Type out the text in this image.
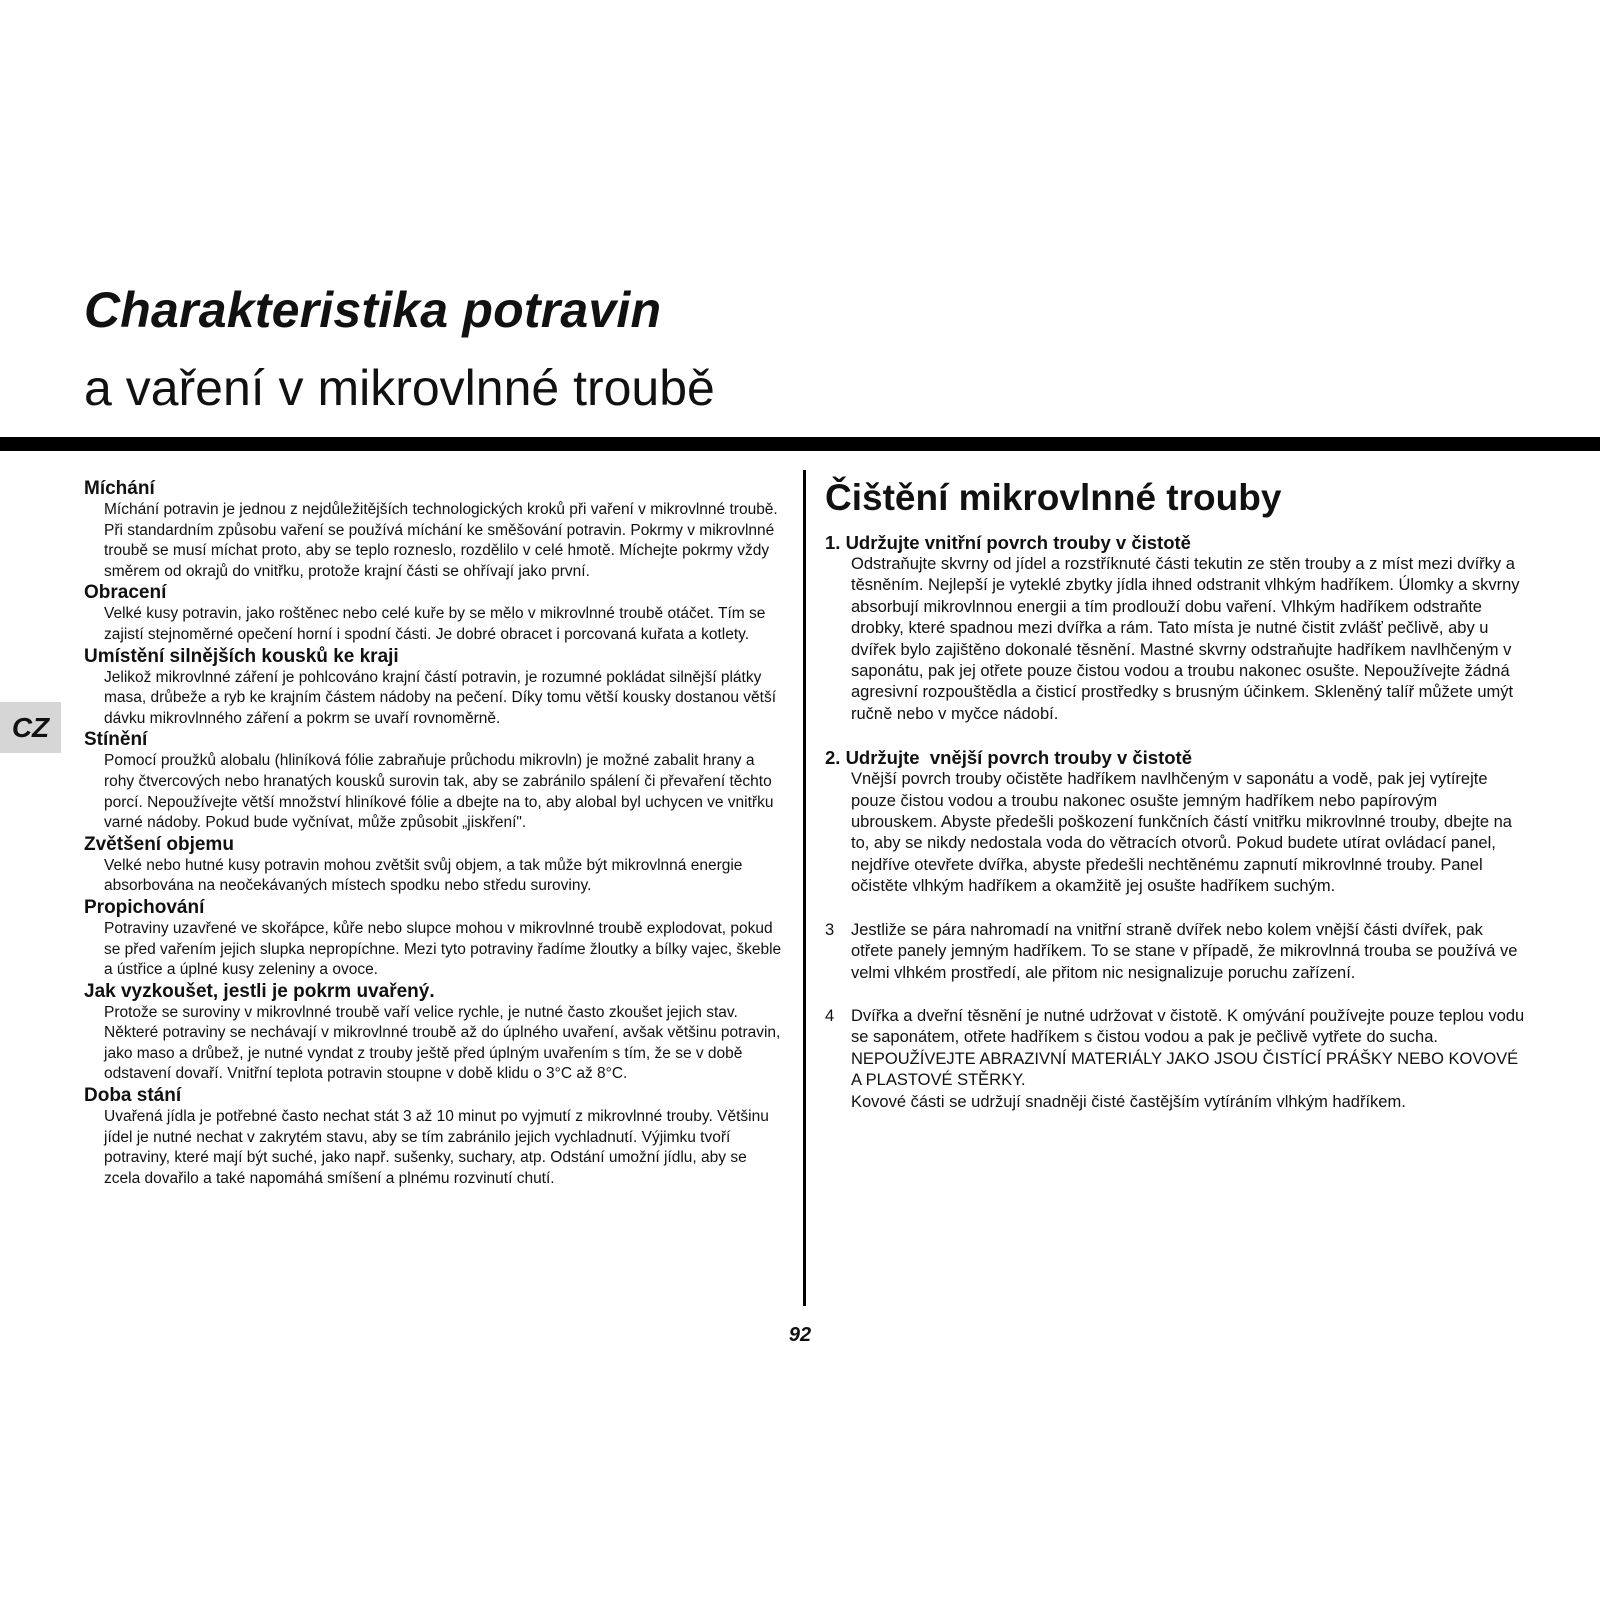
Charakteristika potravin
a vaření v mikrovlnné troubě
CZ
Míchání

Míchání potravin je jednou z nejdůležitějších technologických kroků při vaření v mikrovlnné troubě. Při standardním způsobu vaření se používá míchání ke směšování potravin. Pokrmy v mikrovlnné troubě se musí míchat proto, aby se teplo rozneslo, rozdělilo v celé hmotě. Míchejte pokrmy vždy směrem od okrajů do vnitřku, protože krajní části se ohřívají jako první.

Obracení

Velké kusy potravin, jako roštěnec nebo celé kuře by se mělo v mikrovlnné troubě otáčet. Tím se zajistí stejnoměrné opečení horní i spodní části. Je dobré obracet i porcovaná kuřata a kotlety.

Umístění silnějších kousků ke kraji

Jelikož mikrovlnné záření je pohlcováno krajní částí potravin, je rozumné pokládat silnější plátky masa, drůbeže a ryb ke krajním částem nádoby na pečení. Díky tomu větší kousky dostanou větší dávku mikrovlnného záření a pokrm se uvaří rovnoměrně.

Stínění

Pomocí proužků alobalu (hliníková fólie zabraňuje průchodu mikrovln) je možné zabalit hrany a rohy čtvercových nebo hranatých kousků surovin tak, aby se zabránilo spálení či převaření těchto porcí. Nepoužívejte větší množství hliníkové fólie a dbejte na to, aby alobal byl uchycen ve vnitřku varné nádoby. Pokud bude vyčnívat, může způsobit „jiskření".

Zvětšení objemu

Velké nebo hutné kusy potravin mohou zvětšit svůj objem, a tak může být mikrovlnná energie absorbována na neočekávaných místech spodku nebo středu suroviny.

Propichování

Potraviny uzavřené ve skořápce, kůře nebo slupce mohou v mikrovlnné troubě explodovat, pokud se před vařením jejich slupka nepropíchne. Mezi tyto potraviny řadíme žloutky a bílky vajec, škeble a ústřice a úplné kusy zeleniny a ovoce.

Jak vyzkoušet, jestli je pokrm uvařený.

Protože se suroviny v mikrovlnné troubě vaří velice rychle, je nutné často zkoušet jejich stav. Některé potraviny se nechávají v mikrovlnné troubě až do úplného uvaření, avšak většinu potravin, jako maso a drůbež, je nutné vyndat z trouby ještě před úplným uvařením s tím, že se v době odstavení dovaří. Vnitřní teplota potravin stoupne v době klidu o 3°C až 8°C.

Doba stání

Uvařená jídla je potřebné často nechat stát 3 až 10 minut po vyjmutí z mikrovlnné trouby. Většinu jídel je nutné nechat v zakrytém stavu, aby se tím zabránilo jejich vychladnutí. Výjimku tvoří potraviny, které mají být suché, jako např. sušenky, suchary, atp. Odstání umožní jídlu, aby se zcela dovařilo a také napomáhá smíšení a plnému rozvinutí chutí.

Čištění mikrovlnné trouby
1. Udržujte vnitřní povrch trouby v čistotě

Odstraňujte skvrny od jídel a rozstříknuté části tekutin ze stěn trouby a z míst mezi dvířky a těsněním. Nejlepší je vyteklé zbytky jídla ihned odstranit vlhkým hadříkem. Úlomky a skvrny absorbují mikrovlnnou energii a tím prodlouží dobu vaření. Vlhkým hadříkem odstraňte drobky, které spadnou mezi dvířka a rám. Tato místa je nutné čistit zvlášť pečlivě, aby u dvířek bylo zajištěno dokonalé těsnění. Mastné skvrny odstraňujte hadříkem navlhčeným v saponátu, pak jej otřete pouze čistou vodou a troubu nakonec osušte. Nepoužívejte žádná agresivní rozpouštědla a čisticí prostředky s brusným účinkem. Skleněný talíř můžete umýt ručně nebo v myčce nádobí.

2. Udržujte  vnější povrch trouby v čistotě

Vnější povrch trouby očistěte hadříkem navlhčeným v saponátu a vodě, pak jej vytírejte pouze čistou vodou a troubu nakonec osušte jemným hadříkem nebo papírovým ubrouskem. Abyste předešli poškození funkčních částí vnitřku mikrovlnné trouby, dbejte na to, aby se nikdy nedostala voda do větracích otvorů. Pokud budete utírat ovládací panel, nejdříve otevřete dvířka, abyste předešli nechtěnému zapnutí mikrovlnné trouby. Panel očistěte vlhkým hadříkem a okamžitě jej osušte hadříkem suchým.

3	Jestliže se pára nahromadí na vnitřní straně dvířek nebo kolem vnější části dvířek, pak otřete panely jemným hadříkem. To se stane v případě, že mikrovlnná trouba se používá ve velmi vlhkém prostředí, ale přitom nic nesignalizuje poruchu zařízení.
4	Dvířka a dveřní těsnění je nutné udržovat v čistotě. K omývání používejte pouze teplou vodu se saponátem, otřete hadříkem s čistou vodou a pak je pečlivě vytřete do sucha.
NEPOUŽÍVEJTE ABRAZIVNÍ MATERIÁLY JAKO JSOU ČISTÍCÍ PRÁŠKY NEBO KOVOVÉ A PLASTOVÉ STĚRKY.
Kovové části se udržují snadněji čisté častějším vytíráním vlhkým hadříkem.
92
